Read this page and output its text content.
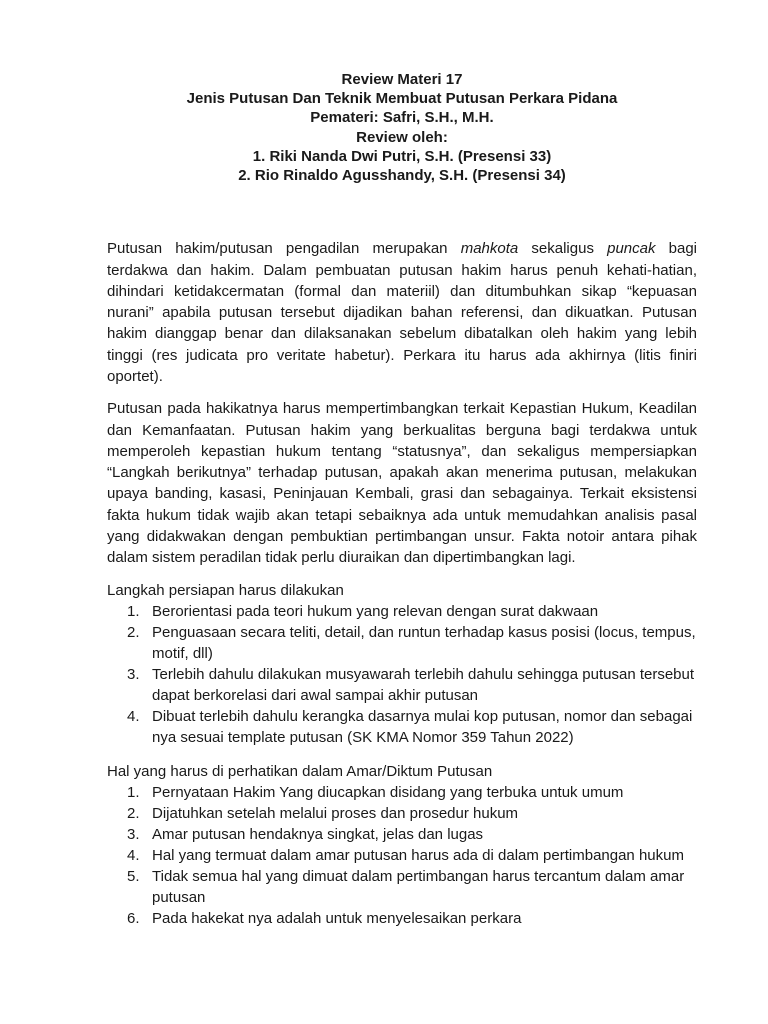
Review Materi 17
Jenis Putusan Dan Teknik Membuat Putusan Perkara Pidana
Pemateri: Safri, S.H., M.H.
Review oleh:
1. Riki Nanda Dwi Putri, S.H. (Presensi 33)
2. Rio Rinaldo Agusshandy, S.H. (Presensi 34)

Putusan hakim/putusan pengadilan merupakan mahkota sekaligus puncak bagi terdakwa dan hakim. Dalam pembuatan putusan hakim harus penuh kehati-hatian, dihindari ketidakcermatan (formal dan materiil) dan ditumbuhkan sikap “kepuasan nurani” apabila putusan tersebut dijadikan bahan referensi, dan dikuatkan. Putusan hakim dianggap benar dan dilaksanakan sebelum dibatalkan oleh hakim yang lebih tinggi (res judicata pro veritate habetur). Perkara itu harus ada akhirnya (litis finiri oportet).

Putusan pada hakikatnya harus mempertimbangkan terkait Kepastian Hukum, Keadilan dan Kemanfaatan. Putusan hakim yang berkualitas berguna bagi terdakwa untuk memperoleh kepastian hukum tentang “statusnya”, dan sekaligus mempersiapkan “Langkah berikutnya” terhadap putusan, apakah akan menerima putusan, melakukan upaya banding, kasasi, Peninjauan Kembali, grasi dan sebagainya. Terkait eksistensi fakta hukum tidak wajib akan tetapi sebaiknya ada untuk memudahkan analisis pasal yang didakwakan dengan pembuktian pertimbangan unsur. Fakta notoir antara pihak dalam sistem peradilan tidak perlu diuraikan dan dipertimbangkan lagi.

Langkah persiapan harus dilakukan
1. Berorientasi pada teori hukum yang relevan dengan surat dakwaan
2. Penguasaan secara teliti, detail, dan runtun terhadap kasus posisi (locus, tempus, motif, dll)
3. Terlebih dahulu dilakukan musyawarah terlebih dahulu sehingga putusan tersebut dapat berkorelasi dari awal sampai akhir putusan
4. Dibuat terlebih dahulu kerangka dasarnya mulai kop putusan, nomor dan sebagai nya sesuai template putusan (SK KMA Nomor 359 Tahun 2022)
Hal yang harus di perhatikan dalam Amar/Diktum Putusan
1. Pernyataan Hakim Yang diucapkan disidang yang terbuka untuk umum
2. Dijatuhkan setelah melalui proses dan prosedur hukum
3. Amar putusan hendaknya singkat, jelas dan lugas
4. Hal yang termuat dalam amar putusan harus ada di dalam pertimbangan hukum
5. Tidak semua hal yang dimuat dalam pertimbangan harus tercantum dalam amar putusan
6. Pada hakekat nya adalah untuk menyelesaikan perkara
